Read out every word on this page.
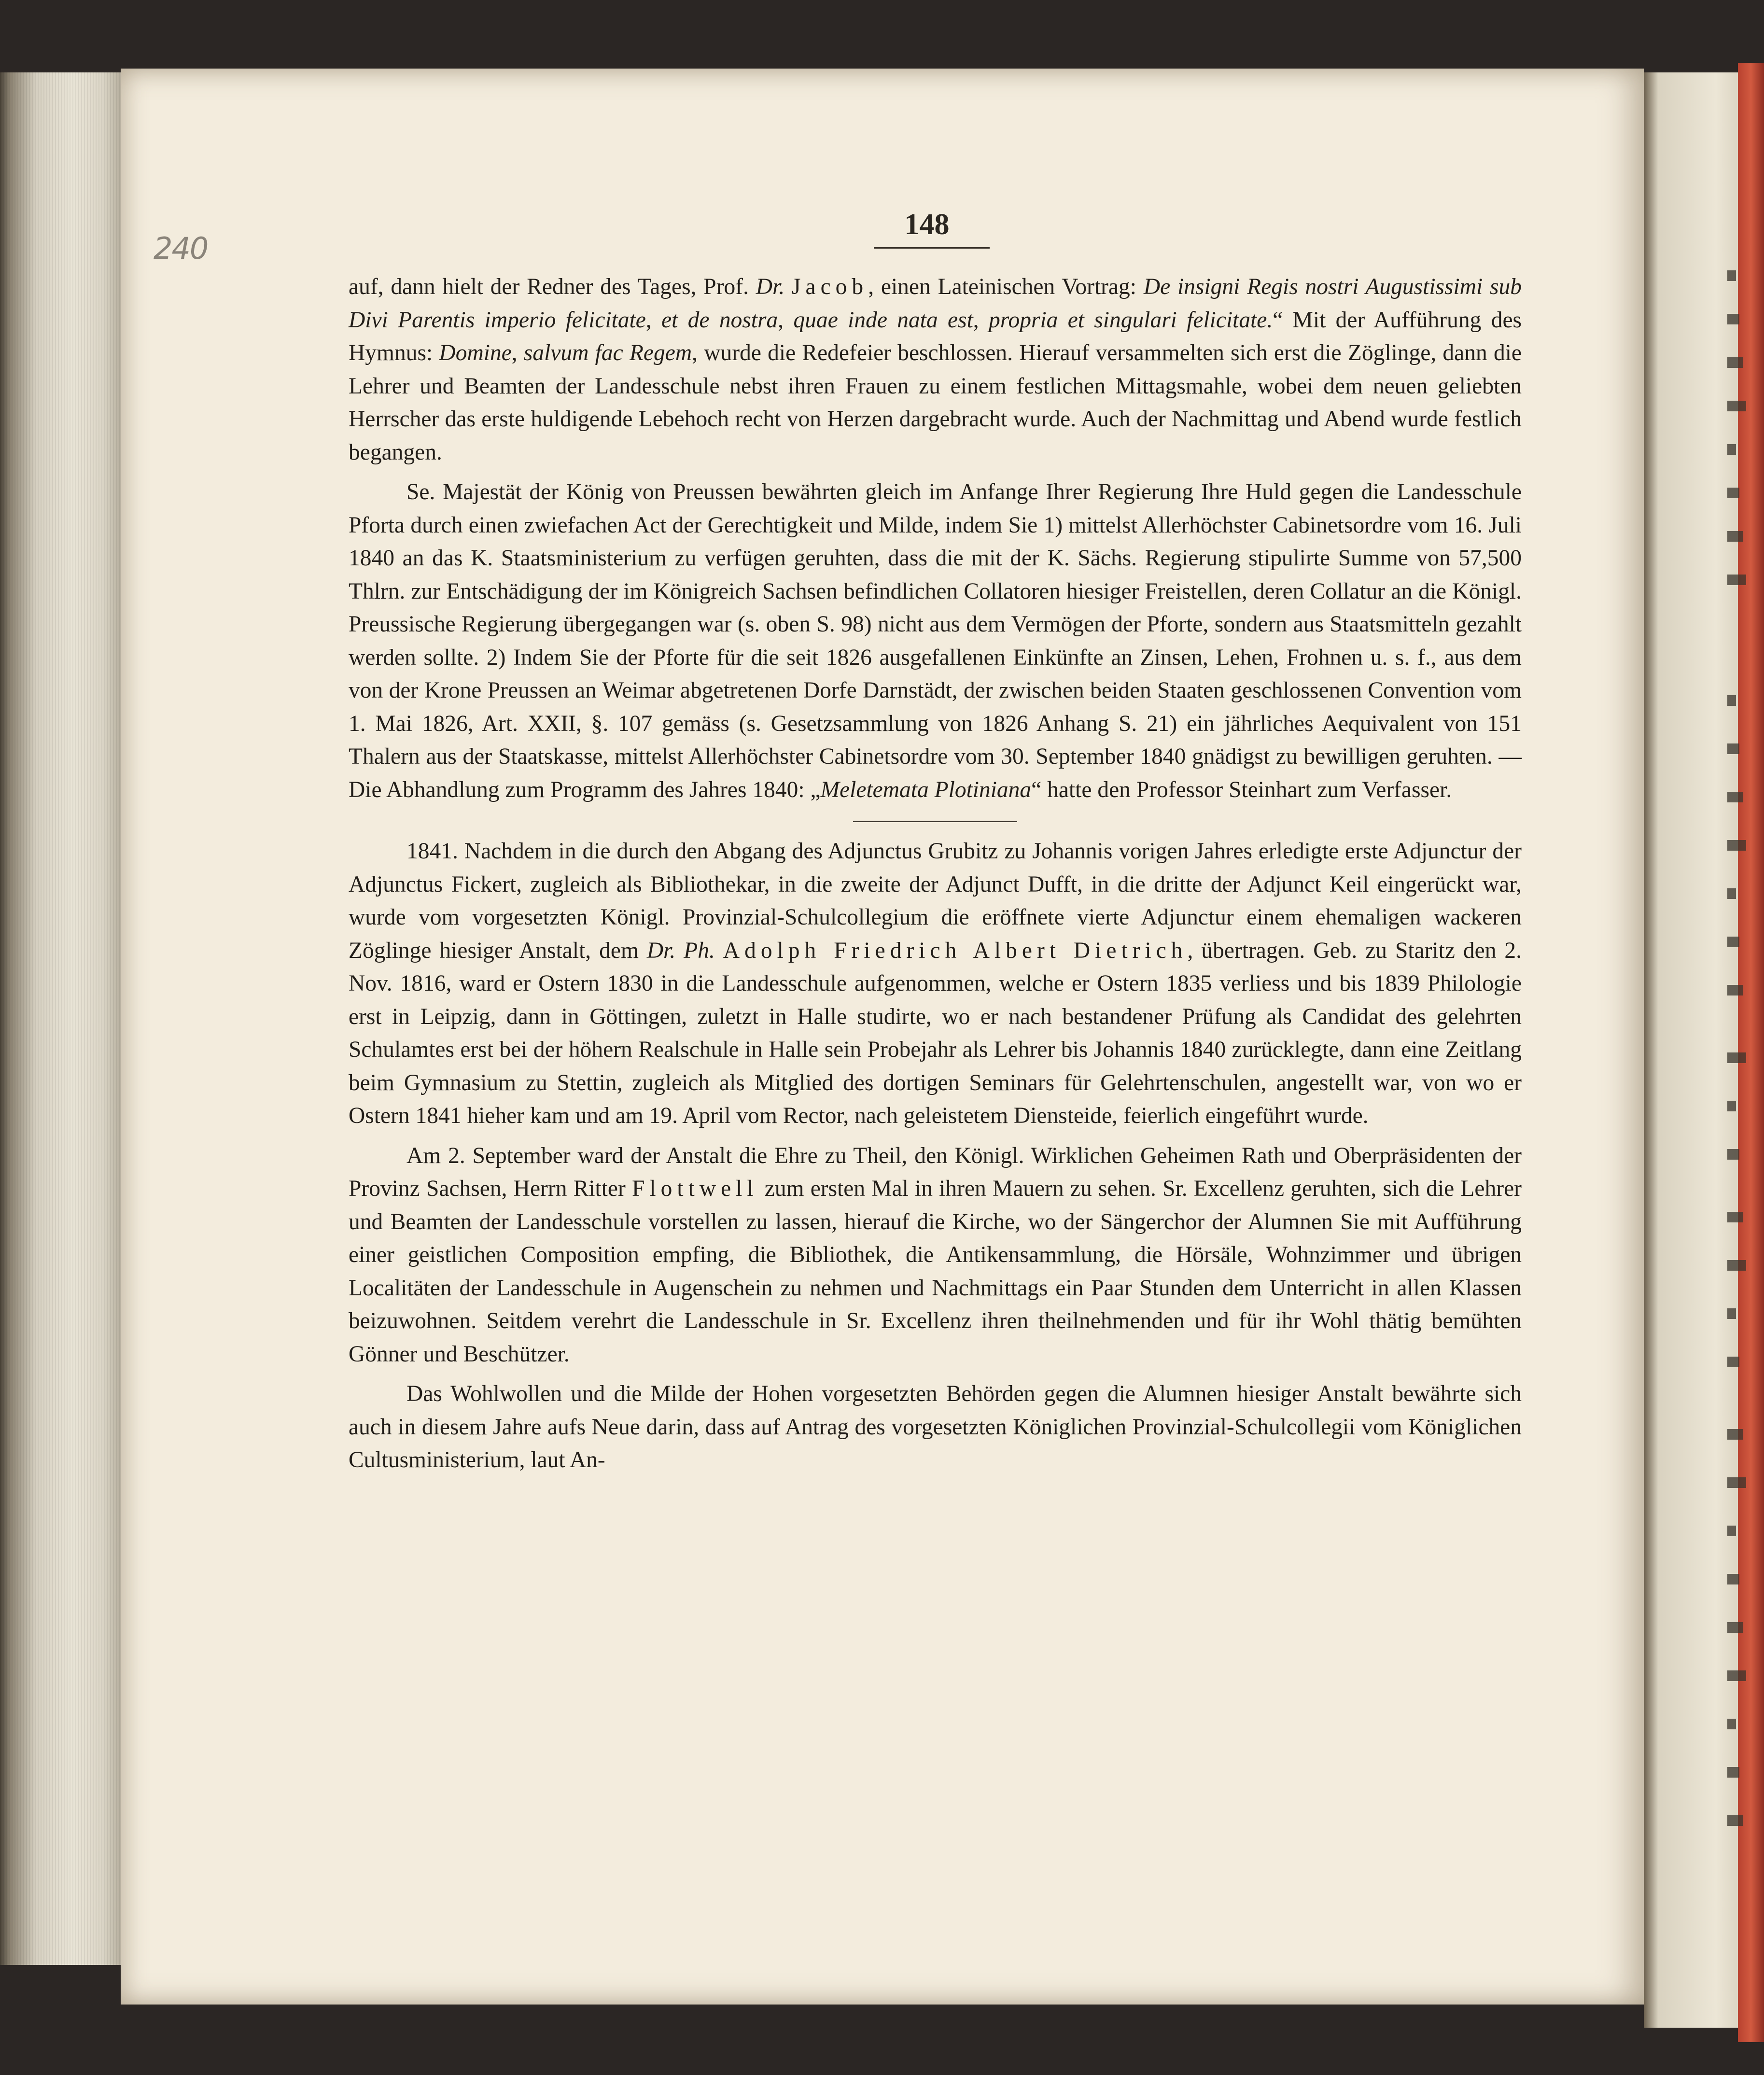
240
148

auf, dann hielt der Redner des Tages, Prof. Dr. Jacob, einen Lateinischen Vortrag: De insigni Regis nostri Augustissimi sub Divi Parentis imperio felicitate, et de nostra, quae inde nata est, propria et singulari felicitate.“ Mit der Aufführung des Hymnus: Domine, salvum fac Regem, wurde die Redefeier beschlossen. Hierauf versammelten sich erst die Zöglinge, dann die Lehrer und Beamten der Landesschule nebst ihren Frauen zu einem festlichen Mittagsmahle, wobei dem neuen geliebten Herrscher das erste huldigende Lebehoch recht von Herzen dargebracht wurde. Auch der Nachmittag und Abend wurde festlich begangen.

Se. Majestät der König von Preussen bewährten gleich im Anfange Ihrer Regierung Ihre Huld gegen die Landesschule Pforta durch einen zwiefachen Act der Gerechtigkeit und Milde, indem Sie 1) mittelst Allerhöchster Cabinetsordre vom 16. Juli 1840 an das K. Staatsministerium zu verfügen geruhten, dass die mit der K. Sächs. Regierung stipulirte Summe von 57,500 Thlrn. zur Entschädigung der im Königreich Sachsen befindlichen Collatoren hiesiger Freistellen, deren Collatur an die Königl. Preussische Regierung übergegangen war (s. oben S. 98) nicht aus dem Vermögen der Pforte, sondern aus Staatsmitteln gezahlt werden sollte. 2) Indem Sie der Pforte für die seit 1826 ausgefallenen Einkünfte an Zinsen, Lehen, Frohnen u. s. f., aus dem von der Krone Preussen an Weimar abgetretenen Dorfe Darnstädt, der zwischen beiden Staaten geschlossenen Convention vom 1. Mai 1826, Art. XXII, §. 107 gemäss (s. Gesetzsammlung von 1826 Anhang S. 21) ein jährliches Aequivalent von 151 Thalern aus der Staatskasse, mittelst Allerhöchster Cabinetsordre vom 30. September 1840 gnädigst zu bewilligen geruhten. — Die Abhandlung zum Programm des Jahres 1840: „Meletemata Plotiniana“ hatte den Professor Steinhart zum Verfasser.

1841. Nachdem in die durch den Abgang des Adjunctus Grubitz zu Johannis vorigen Jahres erledigte erste Adjunctur der Adjunctus Fickert, zugleich als Bibliothekar, in die zweite der Adjunct Dufft, in die dritte der Adjunct Keil eingerückt war, wurde vom vorgesetzten Königl. Provinzial-Schulcollegium die eröffnete vierte Adjunctur einem ehemaligen wackeren Zöglinge hiesiger Anstalt, dem Dr. Ph. Adolph Friedrich Albert Dietrich, übertragen. Geb. zu Staritz den 2. Nov. 1816, ward er Ostern 1830 in die Landesschule aufgenommen, welche er Ostern 1835 verliess und bis 1839 Philologie erst in Leipzig, dann in Göttingen, zuletzt in Halle studirte, wo er nach bestandener Prüfung als Candidat des gelehrten Schulamtes erst bei der höhern Realschule in Halle sein Probejahr als Lehrer bis Johannis 1840 zurücklegte, dann eine Zeitlang beim Gymnasium zu Stettin, zugleich als Mitglied des dortigen Seminars für Gelehrtenschulen, angestellt war, von wo er Ostern 1841 hieher kam und am 19. April vom Rector, nach geleistetem Diensteide, feierlich eingeführt wurde.

Am 2. September ward der Anstalt die Ehre zu Theil, den Königl. Wirklichen Geheimen Rath und Oberpräsidenten der Provinz Sachsen, Herrn Ritter Flottwell zum ersten Mal in ihren Mauern zu sehen. Sr. Excellenz geruhten, sich die Lehrer und Beamten der Landesschule vorstellen zu lassen, hierauf die Kirche, wo der Sängerchor der Alumnen Sie mit Aufführung einer geistlichen Composition empfing, die Bibliothek, die Antikensammlung, die Hörsäle, Wohnzimmer und übrigen Localitäten der Landesschule in Augenschein zu nehmen und Nachmittags ein Paar Stunden dem Unterricht in allen Klassen beizuwohnen. Seitdem verehrt die Landesschule in Sr. Excellenz ihren theilnehmenden und für ihr Wohl thätig bemühten Gönner und Beschützer.

Das Wohlwollen und die Milde der Hohen vorgesetzten Behörden gegen die Alumnen hiesiger Anstalt bewährte sich auch in diesem Jahre aufs Neue darin, dass auf Antrag des vorgesetzten Königlichen Provinzial-Schulcollegii vom Königlichen Cultusministerium, laut An-
